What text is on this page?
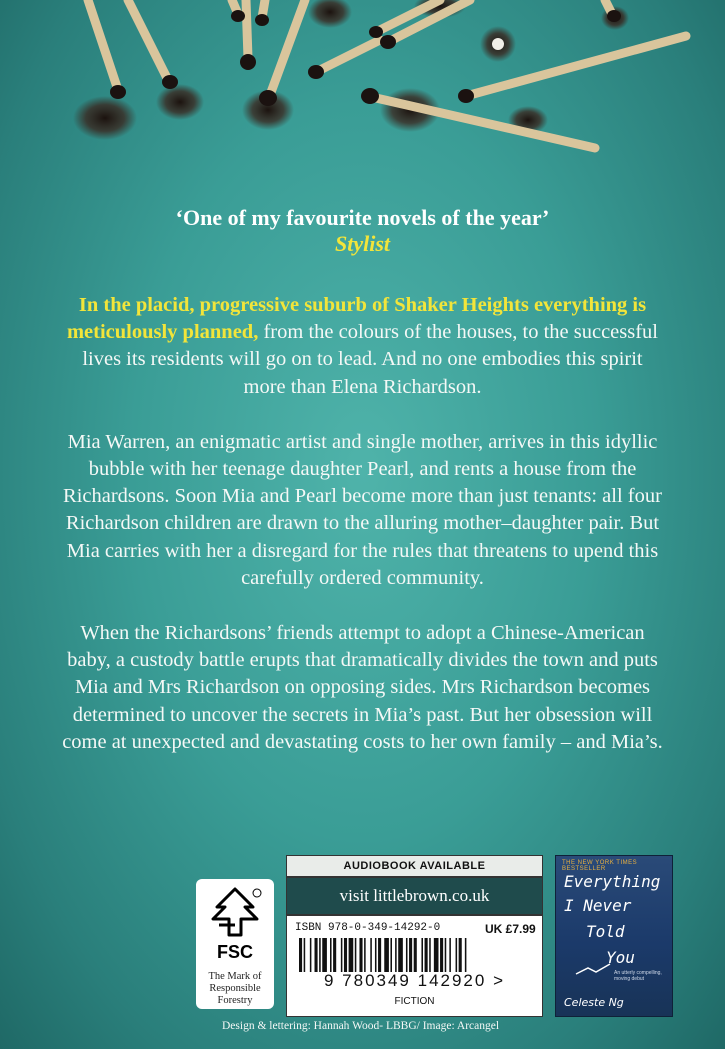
‘One of my favourite novels of the year’
Stylist

In the placid, progressive suburb of Shaker Heights everything is meticulously planned, from the colours of the houses, to the successful lives its residents will go on to lead. And no one embodies this spirit more than Elena Richardson.

Mia Warren, an enigmatic artist and single mother, arrives in this idyllic bubble with her teenage daughter Pearl, and rents a house from the Richardsons. Soon Mia and Pearl become more than just tenants: all four Richardson children are drawn to the alluring mother–daughter pair. But Mia carries with her a disregard for the rules that threatens to upend this carefully ordered community.

When the Richardsons’ friends attempt to adopt a Chinese-American baby, a custody battle erupts that dramatically divides the town and puts Mia and Mrs Richardson on opposing sides. Mrs Richardson becomes determined to uncover the secrets in Mia’s past. But her obsession will come at unexpected and devastating costs to her own family – and Mia’s.

FSC
The Mark of
Responsible
Forestry
AUDIOBOOK AVAILABLE
visit littlebrown.co.uk
ISBN 978-0-349-14292-0	UK £7.99
9 780349 142920 >
FICTION
THE NEW YORK TIMES BESTSELLER
Everything
I Never
Told
You
An utterly compelling, moving debut
Celeste Ng
Design & lettering: Hannah Wood- LBBG/ Image: Arcangel
